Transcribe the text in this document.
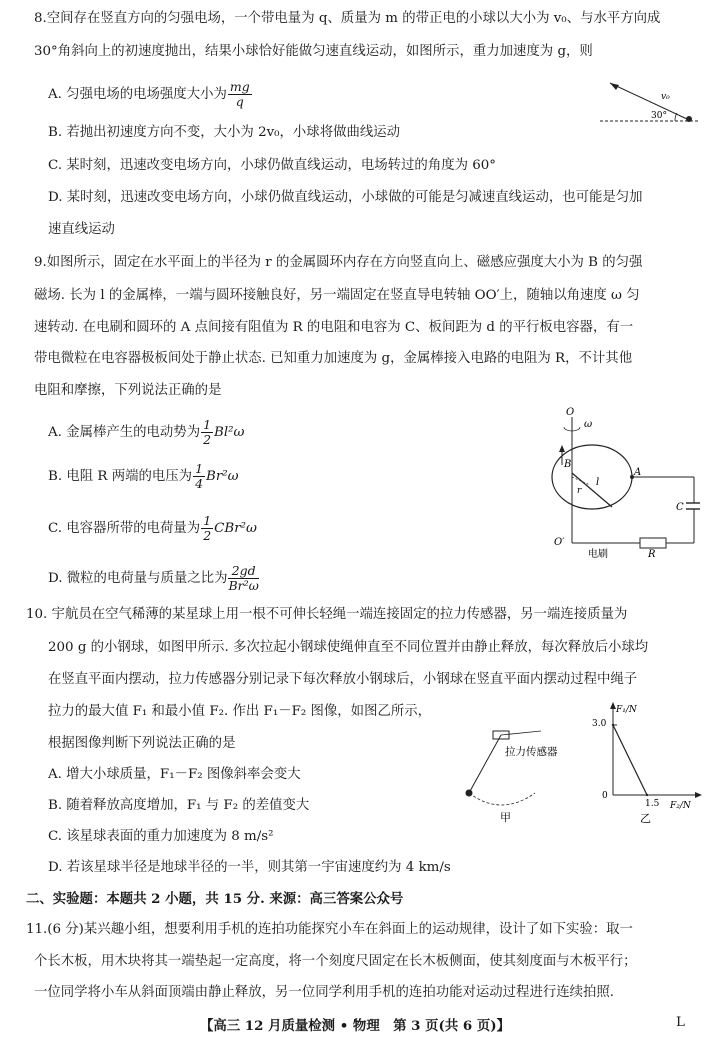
8.空间存在竖直方向的匀强电场，一个带电量为 q、质量为 m 的带正电的小球以大小为 v₀、与水平方向成
30°角斜向上的初速度抛出，结果小球恰好能做匀速直线运动，如图所示，重力加速度为 g，则
A. 匀强电场的电场强度大小为 $\frac{mg}{q}$
B. 若抛出初速度方向不变，大小为 2v₀，小球将做曲线运动
C. 某时刻，迅速改变电场方向，小球仍做直线运动，电场转过的角度为 60°
D. 某时刻，迅速改变电场方向，小球仍做直线运动，小球做的可能是匀减速直线运动，也可能是匀加
速直线运动
v₀
30°
9.如图所示，固定在水平面上的半径为 r 的金属圆环内存在方向竖直向上、磁感应强度大小为 B 的匀强
磁场. 长为 l 的金属棒，一端与圆环接触良好，另一端固定在竖直导电转轴 OO′上，随轴以角速度 ω 匀
速转动. 在电刷和圆环的 A 点间接有阻值为 R 的电阻和电容为 C、板间距为 d 的平行板电容器，有一
带电微粒在电容器极板间处于静止状态. 已知重力加速度为 g，金属棒接入电路的电阻为 R，不计其他
电阻和摩擦，下列说法正确的是
A. 金属棒产生的电动势为 $\frac{1}{2} Bl^2\omega$
B. 电阻 R 两端的电压为 $\frac{1}{4} Br^2\omega$
C. 电容器所带的电荷量为 $\frac{1}{2} CBr^2\omega$
D. 微粒的电荷量与质量之比为 $\frac{2gd}{\text{Br²ω}}$
O
ω
B
A
r
l
C
R
O′
电刷
10. 宇航员在空气稀薄的某星球上用一根不可伸长轻绳一端连接固定的拉力传感器，另一端连接质量为
200 g 的小钢球，如图甲所示. 多次拉起小钢球使绳伸直至不同位置并由静止释放，每次释放后小球均
在竖直平面内摆动，拉力传感器分别记录下每次释放小钢球后，小钢球在竖直平面内摆动过程中绳子
拉力的最大值 F₁ 和最小值 F₂. 作出 F₁－F₂ 图像，如图乙所示，
根据图像判断下列说法正确的是
A. 增大小球质量，F₁－F₂ 图像斜率会变大
B. 随着释放高度增加，F₁ 与 F₂ 的差值变大
C. 该星球表面的重力加速度为 8 m/s²
D. 若该星球半径是地球半径的一半，则其第一宇宙速度约为 4 km/s
拉力传感器
甲
F₁/N
F₂/N
3.0
1.5
0
乙
二、实验题：本题共 2 小题，共 15 分. 来源：高三答案公众号
11.(6 分)某兴趣小组，想要利用手机的连拍功能探究小车在斜面上的运动规律，设计了如下实验：取一
个长木板，用木块将其一端垫起一定高度，将一个刻度尺固定在长木板侧面，使其刻度面与木板平行；
一位同学将小车从斜面顶端由静止释放，另一位同学利用手机的连拍功能对运动过程进行连续拍照.
【高三 12 月质量检测 • 物理　第 3 页(共 6 页)】	L
